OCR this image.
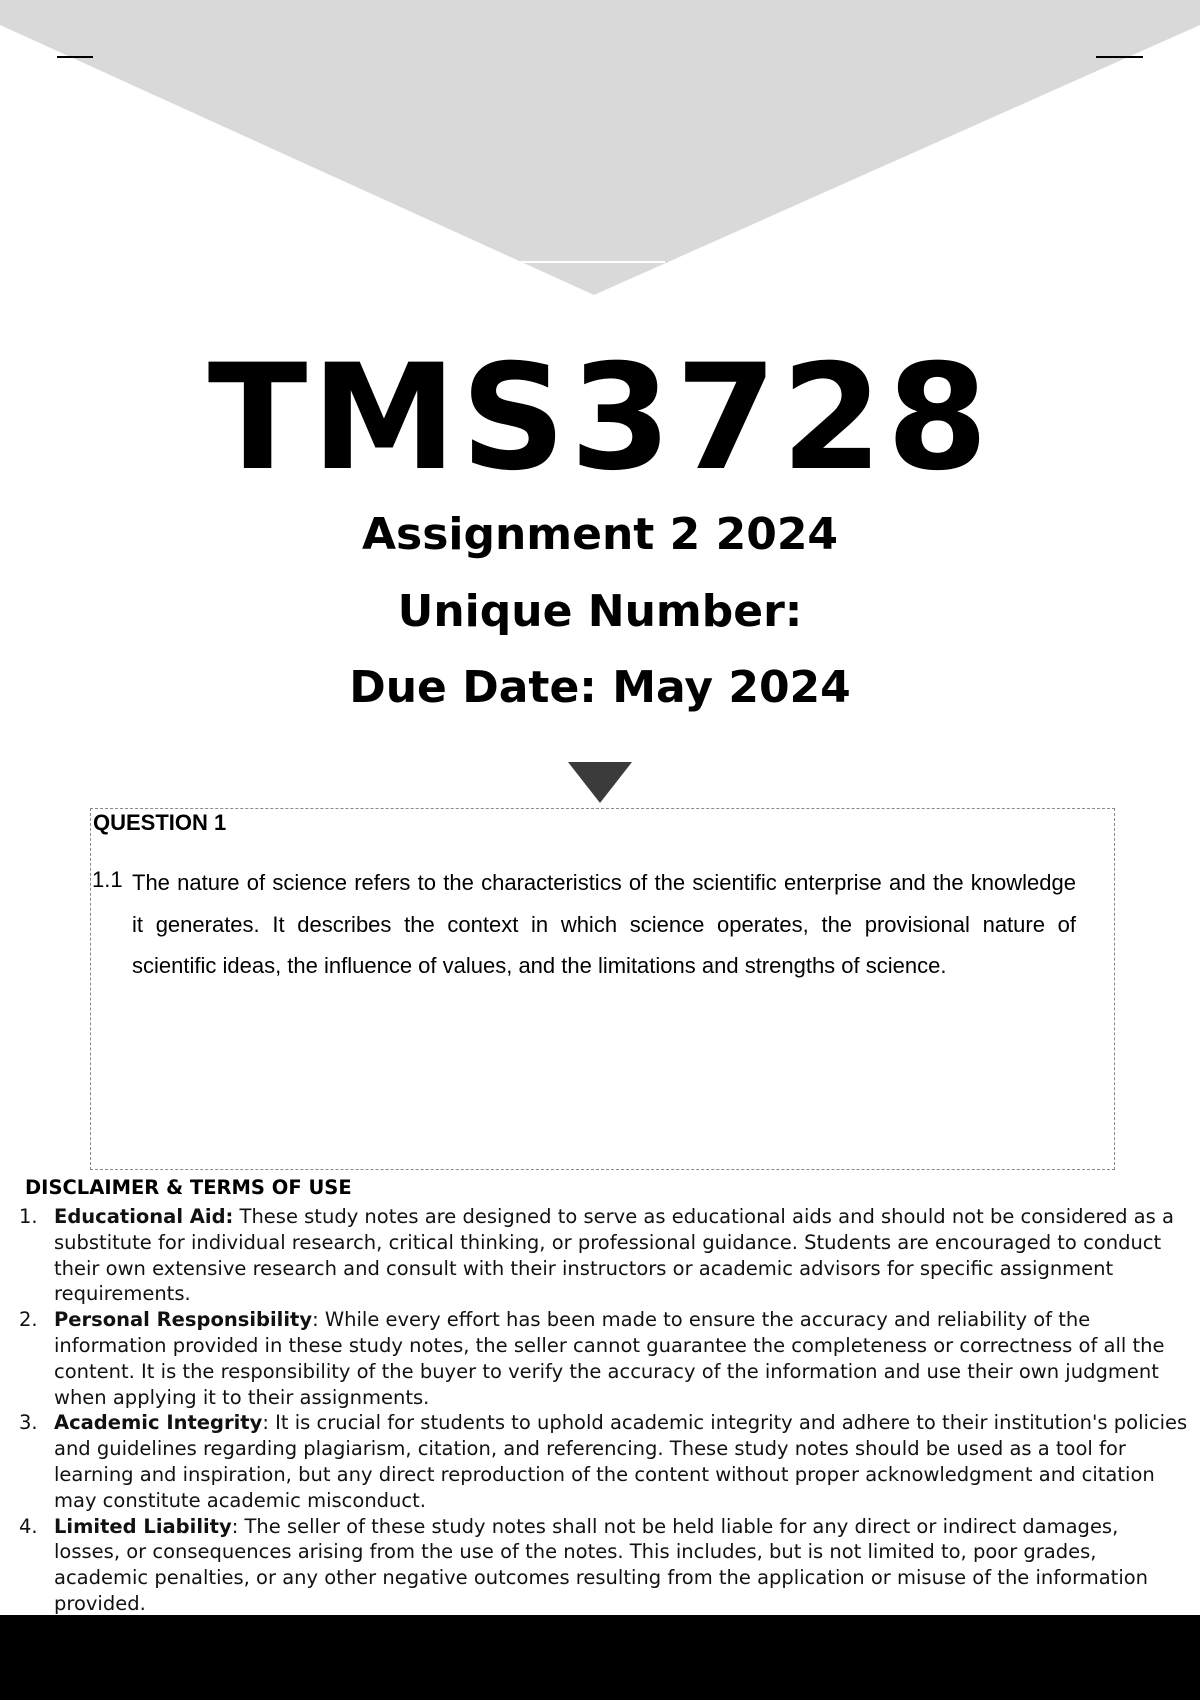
TMS3728
Assignment 2 2024
Unique Number:
Due Date: May 2024
QUESTION 1
1.1 The nature of science refers to the characteristics of the scientific enterprise and the knowledge it generates. It describes the context in which science operates, the provisional nature of scientific ideas, the influence of values, and the limitations and strengths of science.
DISCLAIMER & TERMS OF USE
1. Educational Aid: These study notes are designed to serve as educational aids and should not be considered as a substitute for individual research, critical thinking, or professional guidance. Students are encouraged to conduct their own extensive research and consult with their instructors or academic advisors for specific assignment requirements.
2. Personal Responsibility: While every effort has been made to ensure the accuracy and reliability of the information provided in these study notes, the seller cannot guarantee the completeness or correctness of all the content. It is the responsibility of the buyer to verify the accuracy of the information and use their own judgment when applying it to their assignments.
3. Academic Integrity: It is crucial for students to uphold academic integrity and adhere to their institution's policies and guidelines regarding plagiarism, citation, and referencing. These study notes should be used as a tool for learning and inspiration, but any direct reproduction of the content without proper acknowledgment and citation may constitute academic misconduct.
4. Limited Liability: The seller of these study notes shall not be held liable for any direct or indirect damages, losses, or consequences arising from the use of the notes. This includes, but is not limited to, poor grades, academic penalties, or any other negative outcomes resulting from the application or misuse of the information provided.
